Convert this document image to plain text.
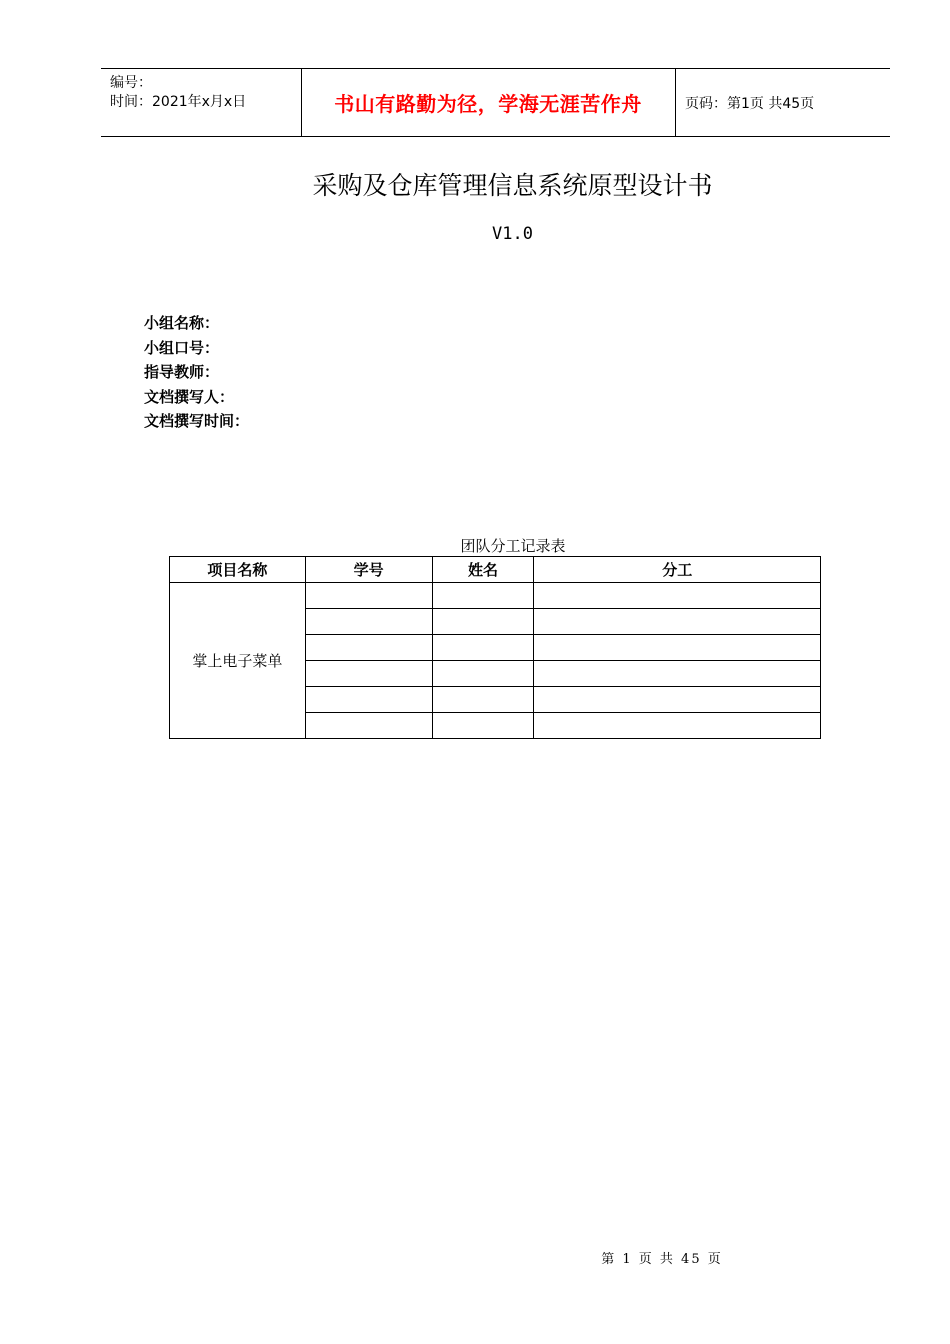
编号：
时间：2021年x月x日	书山有路勤为径，学海无涯苦作舟	页码：第1页 共45页
采购及仓库管理信息系统原型设计书
V1.0
小组名称：
小组口号：
指导教师：
文档撰写人：
文档撰写时间：
团队分工记录表
项目名称	学号	姓名	分工
掌上电子菜单			

第 1 页 共 45 页
